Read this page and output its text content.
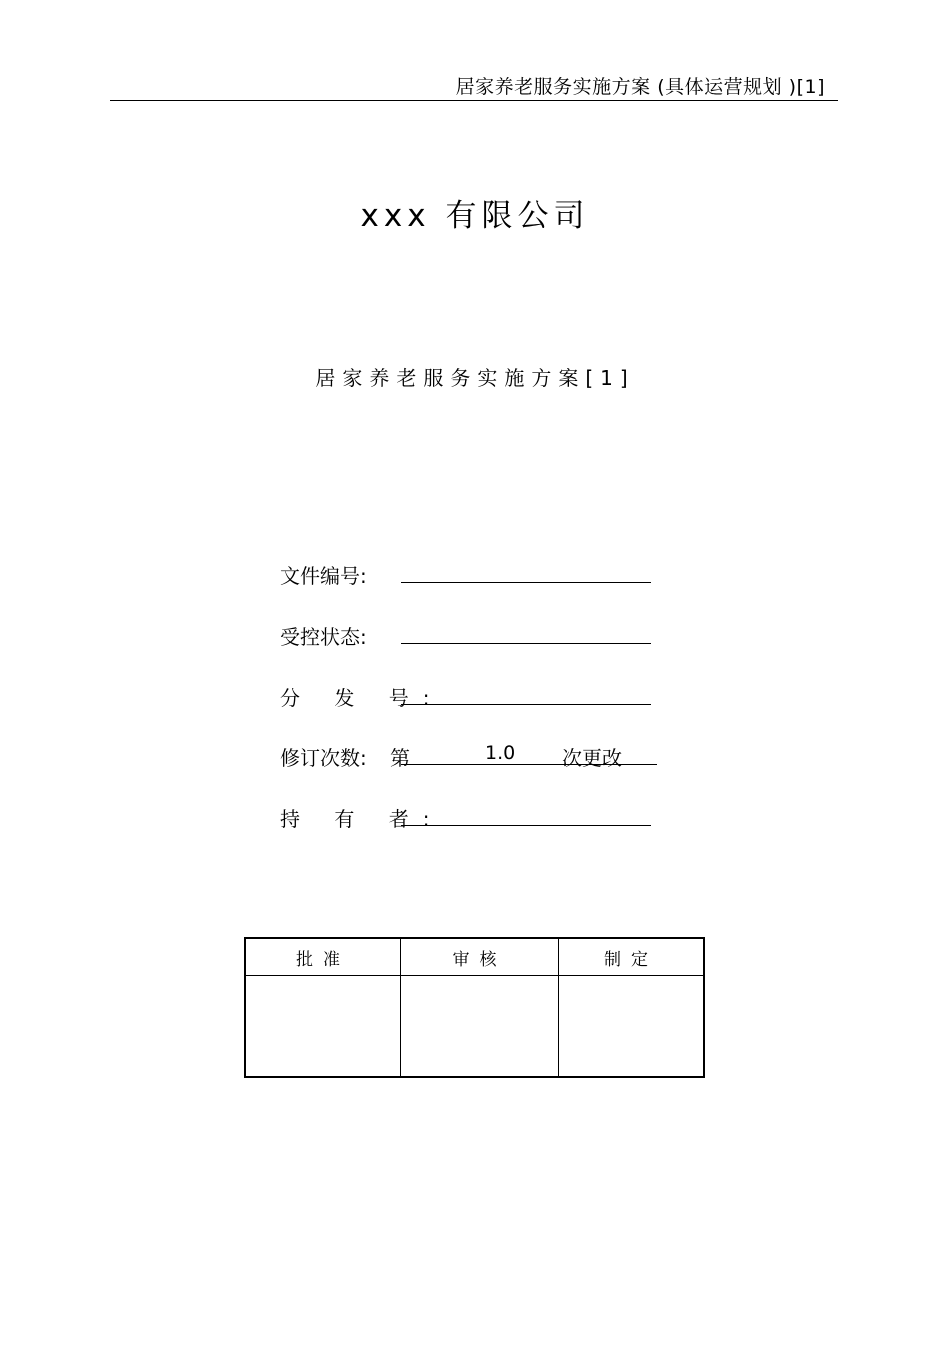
居家养老服务实施方案 (具体运营规划 )[1]
xxx 有限公司
居家养老服务实施方案[1]
文件编号:
受控状态:
分 发 号:
修订次数: 第	1.0 次更改
持 有 者:
批准	审核	制定
